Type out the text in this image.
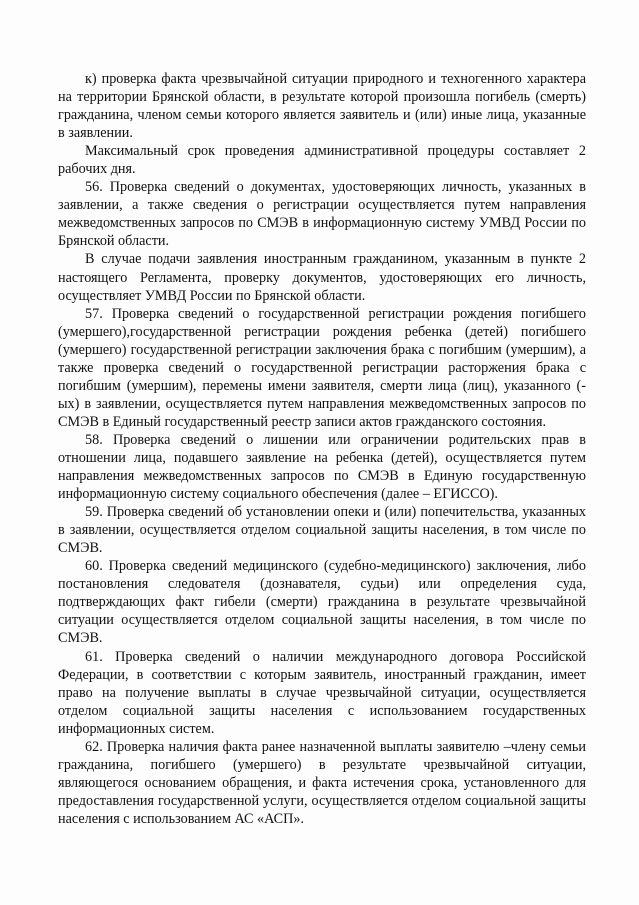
к) проверка факта чрезвычайной ситуации природного и техногенного характера на территории Брянской области, в результате которой произошла погибель (смерть) гражданина, членом семьи которого является заявитель и (или) иные лица, указанные в заявлении.

Максимальный срок проведения административной процедуры составляет 2 рабочих дня.

56. Проверка сведений о документах, удостоверяющих личность, указанных в заявлении, а также сведения о регистрации осуществляется путем направления межведомственных запросов по СМЭВ в информационную систему УМВД России по Брянской области.

В случае подачи заявления иностранным гражданином, указанным в пункте 2 настоящего Регламента, проверку документов, удостоверяющих его личность, осуществляет УМВД России по Брянской области.

57. Проверка сведений о государственной регистрации рождения погибшего (умершего),государственной регистрации рождения ребенка (детей) погибшего (умершего) государственной регистрации заключения брака с погибшим (умершим), а также проверка сведений о государственной регистрации расторжения брака с погибшим (умершим), перемены имени заявителя, смерти лица (лиц), указанного (-ых) в заявлении, осуществляется путем направления межведомственных запросов по СМЭВ в Единый государственный реестр записи актов гражданского состояния.

58. Проверка сведений о лишении или ограничении родительских прав в отношении лица, подавшего заявление на ребенка (детей), осуществляется путем направления межведомственных запросов по СМЭВ в Единую государственную информационную систему социального обеспечения (далее – ЕГИССО).

59. Проверка сведений об установлении опеки и (или) попечительства, указанных в заявлении, осуществляется отделом социальной защиты населения, в том числе по СМЭВ.

60. Проверка сведений медицинского (судебно-медицинского) заключения, либо постановления следователя (дознавателя, судьи) или определения суда, подтверждающих факт гибели (смерти) гражданина в результате чрезвычайной ситуации осуществляется отделом социальной защиты населения, в том числе по СМЭВ.

61. Проверка сведений о наличии международного договора Российской Федерации, в соответствии с которым заявитель, иностранный гражданин, имеет право на получение выплаты в случае чрезвычайной ситуации, осуществляется отделом социальной защиты населения с использованием государственных информационных систем.

62. Проверка наличия факта ранее назначенной выплаты заявителю –члену семьи гражданина, погибшего (умершего) в результате чрезвычайной ситуации, являющегося основанием обращения, и факта истечения срока, установленного для предоставления государственной услуги, осуществляется отделом социальной защиты населения с использованием АС «АСП».
